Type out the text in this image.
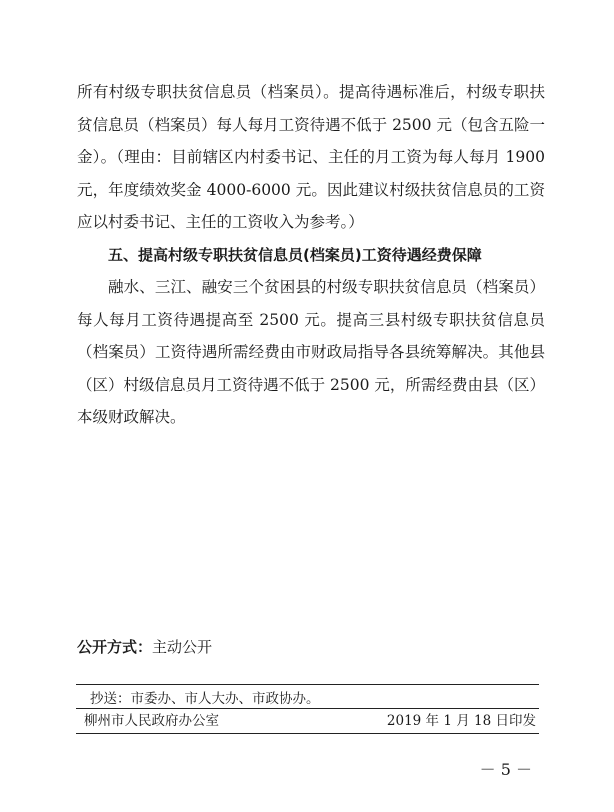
所有村级专职扶贫信息员（档案员）。提高待遇标准后，村级专职扶贫信息员（档案员）每人每月工资待遇不低于 2500 元（包含五险一金）。（理由：目前辖区内村委书记、主任的月工资为每人每月 1900 元，年度绩效奖金 4000-6000 元。因此建议村级扶贫信息员的工资应以村委书记、主任的工资收入为参考。）

五、提高村级专职扶贫信息员(档案员)工资待遇经费保障

融水、三江、融安三个贫困县的村级专职扶贫信息员（档案员）每人每月工资待遇提高至 2500 元。提高三县村级专职扶贫信息员（档案员）工资待遇所需经费由市财政局指导各县统筹解决。其他县（区）村级信息员月工资待遇不低于 2500 元，所需经费由县（区）本级财政解决。

公开方式：主动公开
抄送：市委办、市人大办、市政协办。
柳州市人民政府办公室	2019 年 1 月 18 日印发
－ 5 －
